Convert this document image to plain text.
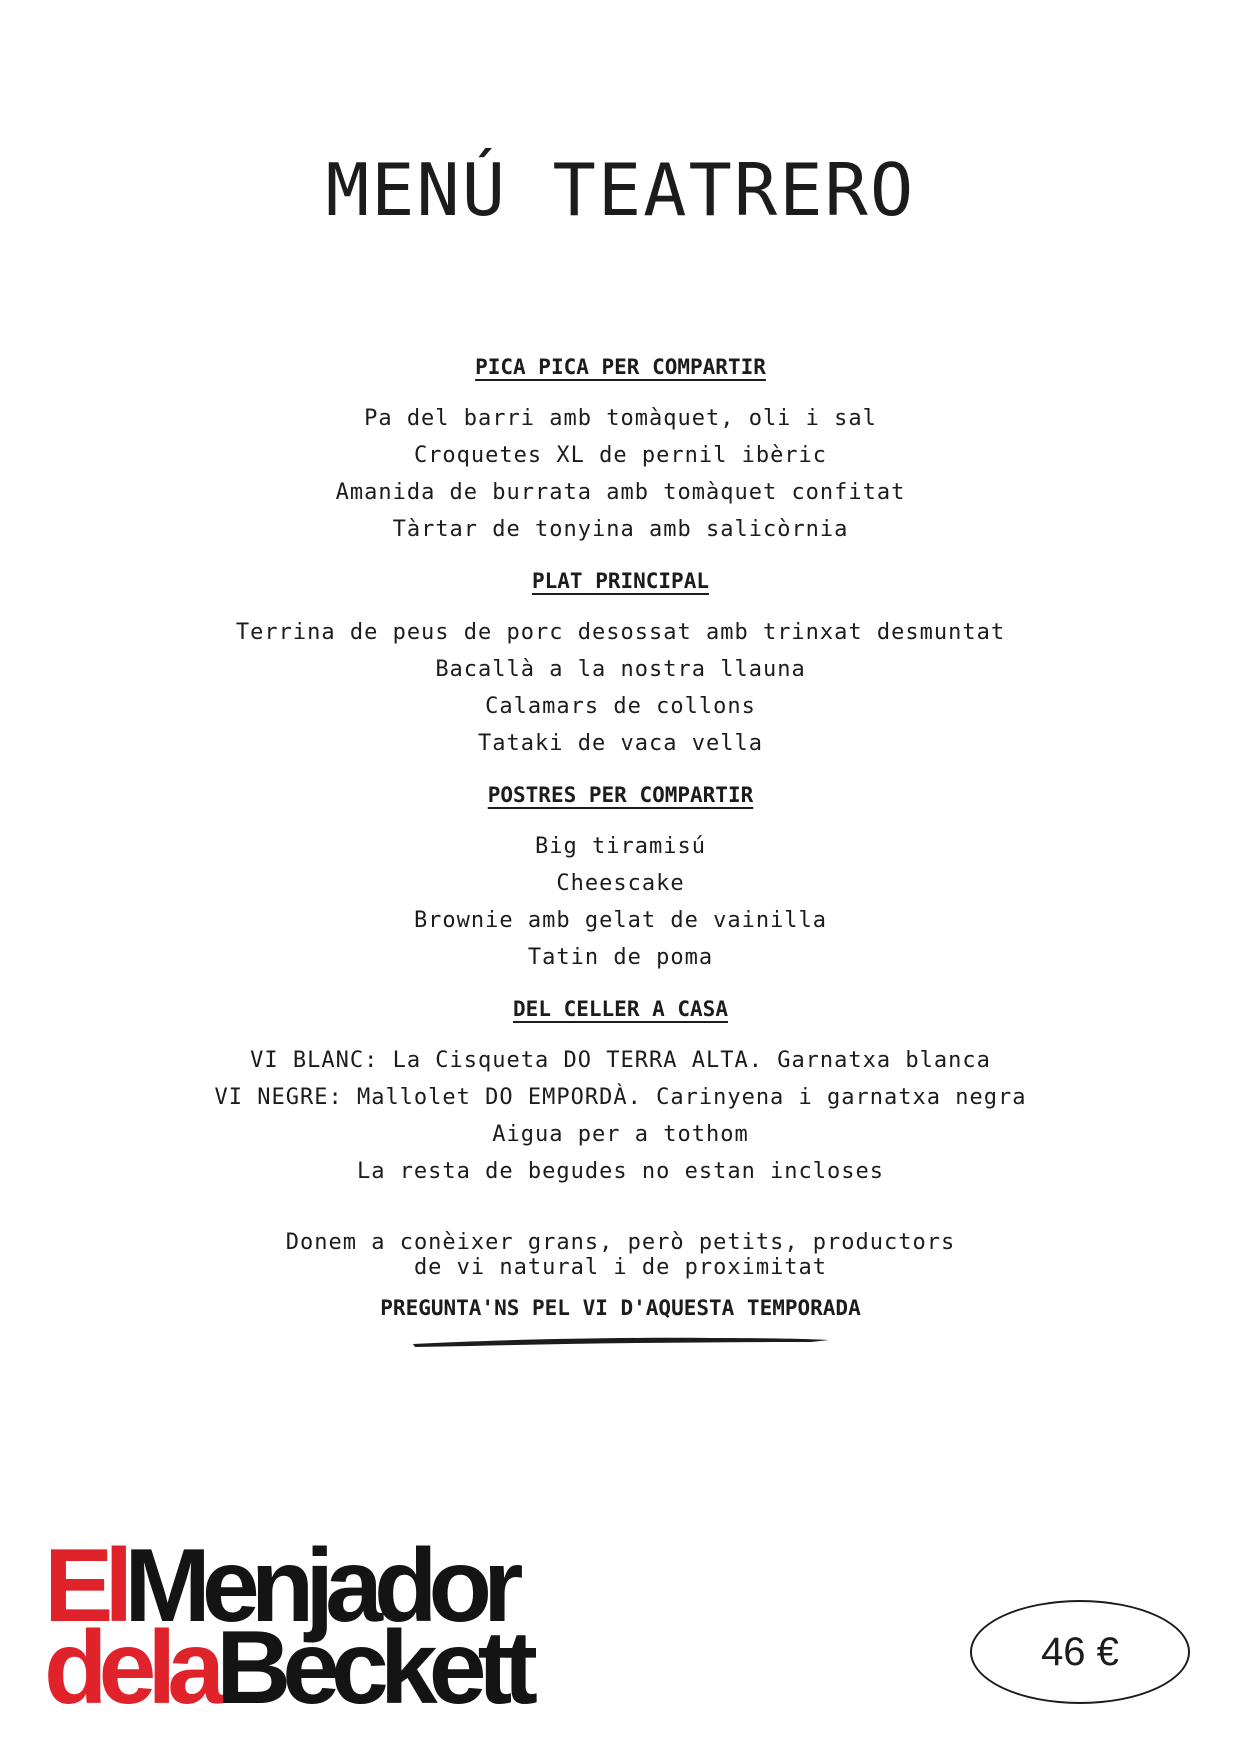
MENÚ TEATRERO
PICA PICA PER COMPARTIR

Pa del barri amb tomàquet, oli i sal

Croquetes XL de pernil ibèric

Amanida de burrata amb tomàquet confitat

Tàrtar de tonyina amb salicòrnia

PLAT PRINCIPAL

Terrina de peus de porc desossat amb trinxat desmuntat

Bacallà a la nostra llauna

Calamars de collons

Tataki de vaca vella

POSTRES PER COMPARTIR

Big tiramisú

Cheescake

Brownie amb gelat de vainilla

Tatin de poma

DEL CELLER A CASA

VI BLANC: La Cisqueta DO TERRA ALTA. Garnatxa blanca

VI NEGRE: Mallolet DO EMPORDÀ. Carinyena i garnatxa negra

Aigua per a tothom

La resta de begudes no estan incloses

Donem a conèixer grans, però petits, productors
de vi natural i de proximitat
PREGUNTA'NS PEL VI D'AQUESTA TEMPORADA

ElMenjador

delaBeckett	46 €
